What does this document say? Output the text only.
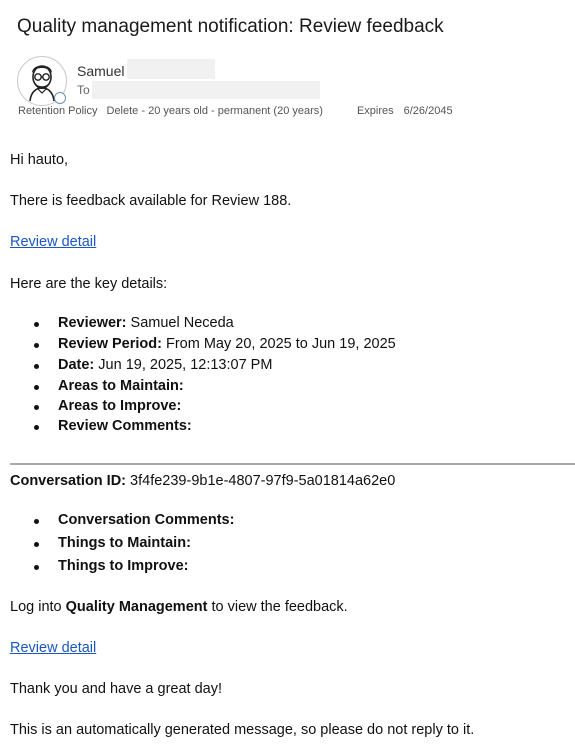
Quality management notification: Review feedback
Samuel
To
Retention Policy Delete - 20 years old - permanent (20 years)	Expires 6/26/2045
Hi hauto,
There is feedback available for Review 188.
Review detail
Here are the key details:
Reviewer: Samuel Neceda
Review Period: From May 20, 2025 to Jun 19, 2025
Date: Jun 19, 2025, 12:13:07 PM
Areas to Maintain:
Areas to Improve:
Review Comments:
Conversation ID: 3f4fe239-9b1e-4807-97f9-5a01814a62e0
Conversation Comments:
Things to Maintain:
Things to Improve:
Log into Quality Management to view the feedback.
Review detail
Thank you and have a great day!
This is an automatically generated message, so please do not reply to it.
